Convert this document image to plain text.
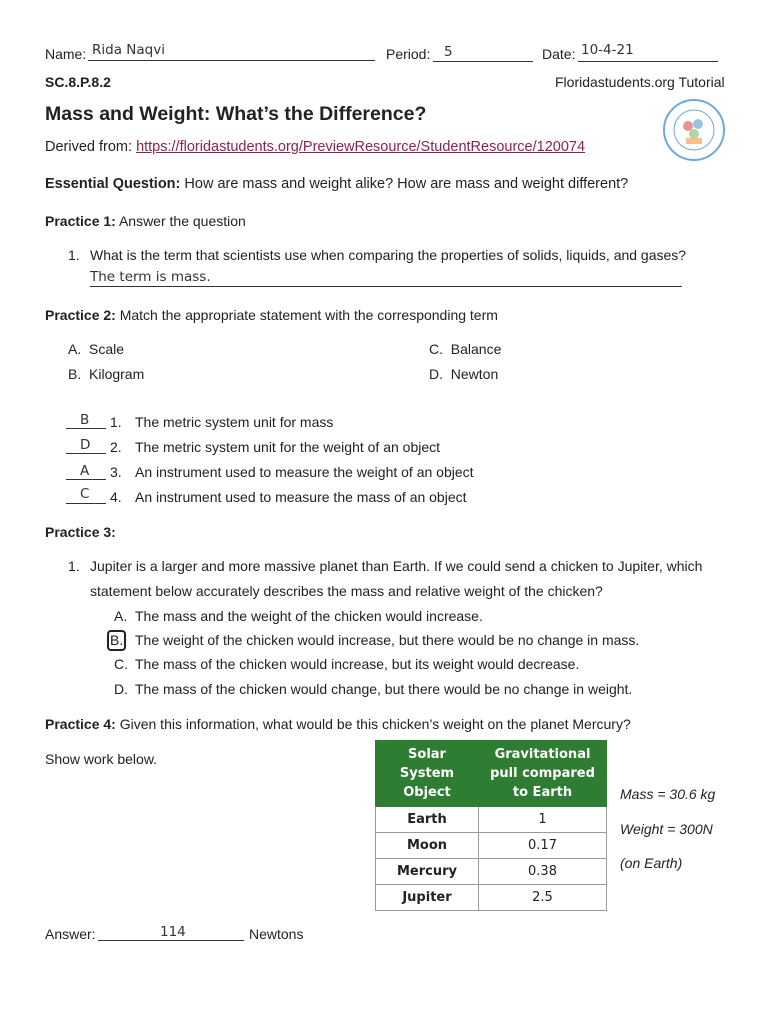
Name: Rida Naqvi	Period: 5	Date: 10-4-21
SC.8.P.8.2	Floridastudents.org Tutorial
Mass and Weight: What’s the Difference?
Derived from: https://floridastudents.org/PreviewResource/StudentResource/120074
Essential Question: How are mass and weight alike? How are mass and weight different?
Practice 1: Answer the question
1. What is the term that scientists use when comparing the properties of solids, liquids, and gases?
The term is mass.
Practice 2: Match the appropriate statement with the corresponding term
A. Scale
B. Kilogram
C. Balance
D. Newton
B 1. The metric system unit for mass
D 2. The metric system unit for the weight of an object
A 3. An instrument used to measure the weight of an object
C 4. An instrument used to measure the mass of an object
Practice 3:
1. Jupiter is a larger and more massive planet than Earth. If we could send a chicken to Jupiter, which
statement below accurately describes the mass and relative weight of the chicken?
A. The mass and the weight of the chicken would increase.
B. The weight of the chicken would increase, but there would be no change in mass.
C. The mass of the chicken would increase, but its weight would decrease.
D. The mass of the chicken would change, but there would be no change in weight.
Practice 4: Given this information, what would be this chicken’s weight on the planet Mercury?
Show work below.	Solar System Object	Gravitational pull compared to Earth
Earth	1
Moon	0.17
Mercury	0.38
Jupiter	2.5
Mass = 30.6 kg
Weight = 300N
(on Earth)
Answer:	114	Newtons
